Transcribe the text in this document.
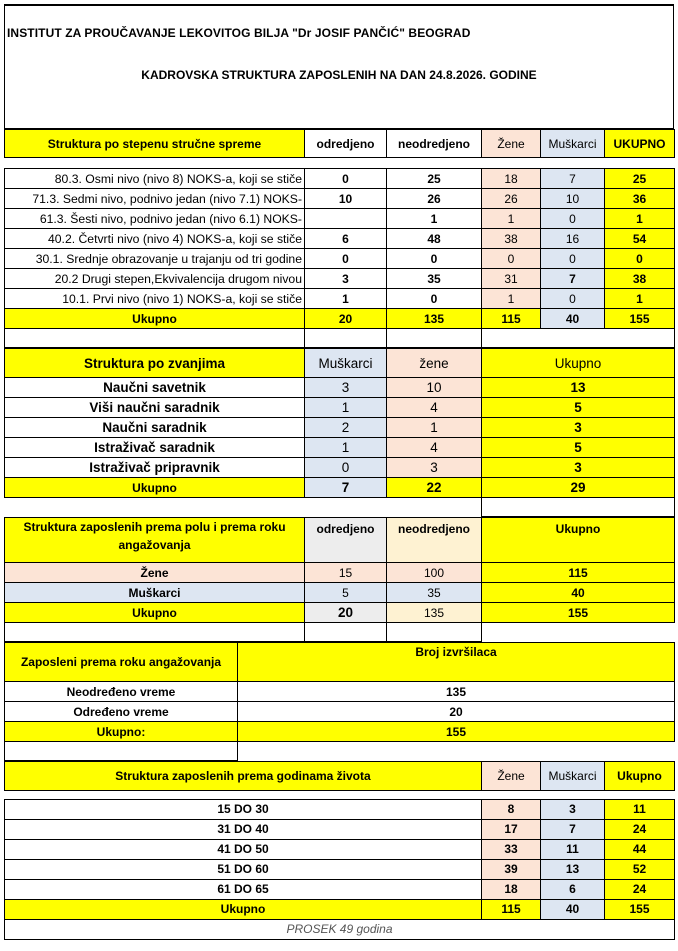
INSTITUT ZA PROUČAVANJE LEKOVITOG BILJA "Dr JOSIF PANČIĆ" BEOGRAD
KADROVSKA STRUKTURA ZAPOSLENIH NA DAN 24.8.2026. GODINE
Struktura po stepenu stručne spreme	odredjeno	neodredjeno	Žene	Muškarci	UKUPNO

80.3. Osmi nivo (nivo 8) NOKS-a, koji se stiče	0	25	18	7	25
71.3. Sedmi nivo, podnivo jedan (nivo 7.1) NOKS-	10	26	26	10	36
61.3. Šesti nivo, podnivo jedan (nivo 6.1) NOKS-		1	1	0	1
40.2. Četvrti nivo (nivo 4) NOKS-a, koji se stiče	6	48	38	16	54
30.1. Srednje obrazovanje u trajanju od tri godine	0	0	0	0	0
20.2 Drugi stepen,Ekvivalencija drugom nivou	3	35	31	7	38
10.1. Prvi nivo (nivo 1) NOKS-a, koji se stiče	1	0	1	0	1
Ukupno	20	135	115	40	155

Struktura po zvanjima	Muškarci	žene	Ukupno
Naučni savetnik	3	10	13
Viši naučni saradnik	1	4	5
Naučni saradnik	2	1	3
Istraživač saradnik	1	4	5
Istraživač pripravnik	0	3	3
Ukupno	7	22	29

Struktura zaposlenih prema polu i prema roku angažovanja	odredjeno	neodredjeno	Ukupno
Žene	15	100	115
Muškarci	5	35	40
Ukupno	20	135	155

Zaposleni prema roku angažovanja	Broj izvršilaca
Neodređeno vreme	135
Određeno vreme	20
Ukupno:	155

Struktura zaposlenih prema godinama života	Žene	Muškarci	Ukupno

15 DO 30	8	3	11
31 DO 40	17	7	24
41 DO 50	33	11	44
51 DO 60	39	13	52
61 DO 65	18	6	24
Ukupno	115	40	155
PROSEK 49 godina			
